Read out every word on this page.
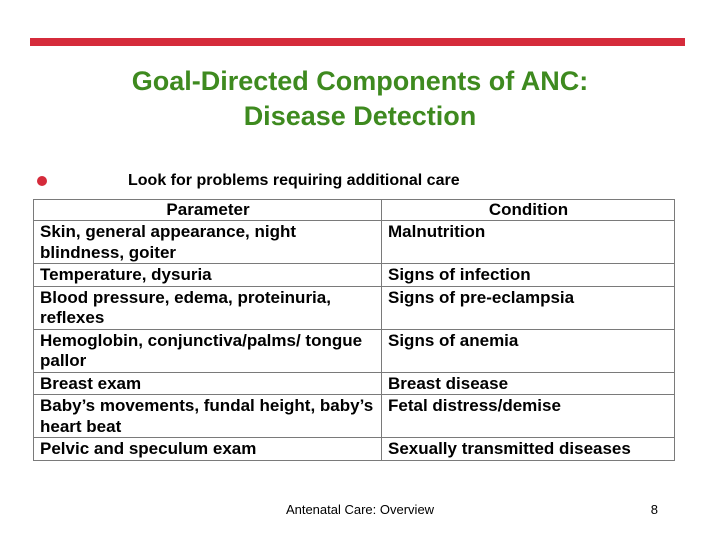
Goal-Directed Components of ANC:
Disease Detection
Look for problems requiring additional care
Parameter	Condition
Skin, general appearance, night blindness, goiter	Malnutrition
Temperature, dysuria	Signs of infection
Blood pressure, edema, proteinuria, reflexes	Signs of pre-eclampsia
Hemoglobin, conjunctiva/palms/ tongue pallor	Signs of anemia
Breast exam	Breast disease
Baby’s movements, fundal height, baby’s heart beat	Fetal distress/demise
Pelvic and speculum exam	Sexually transmitted diseases
Antenatal Care: Overview	8
